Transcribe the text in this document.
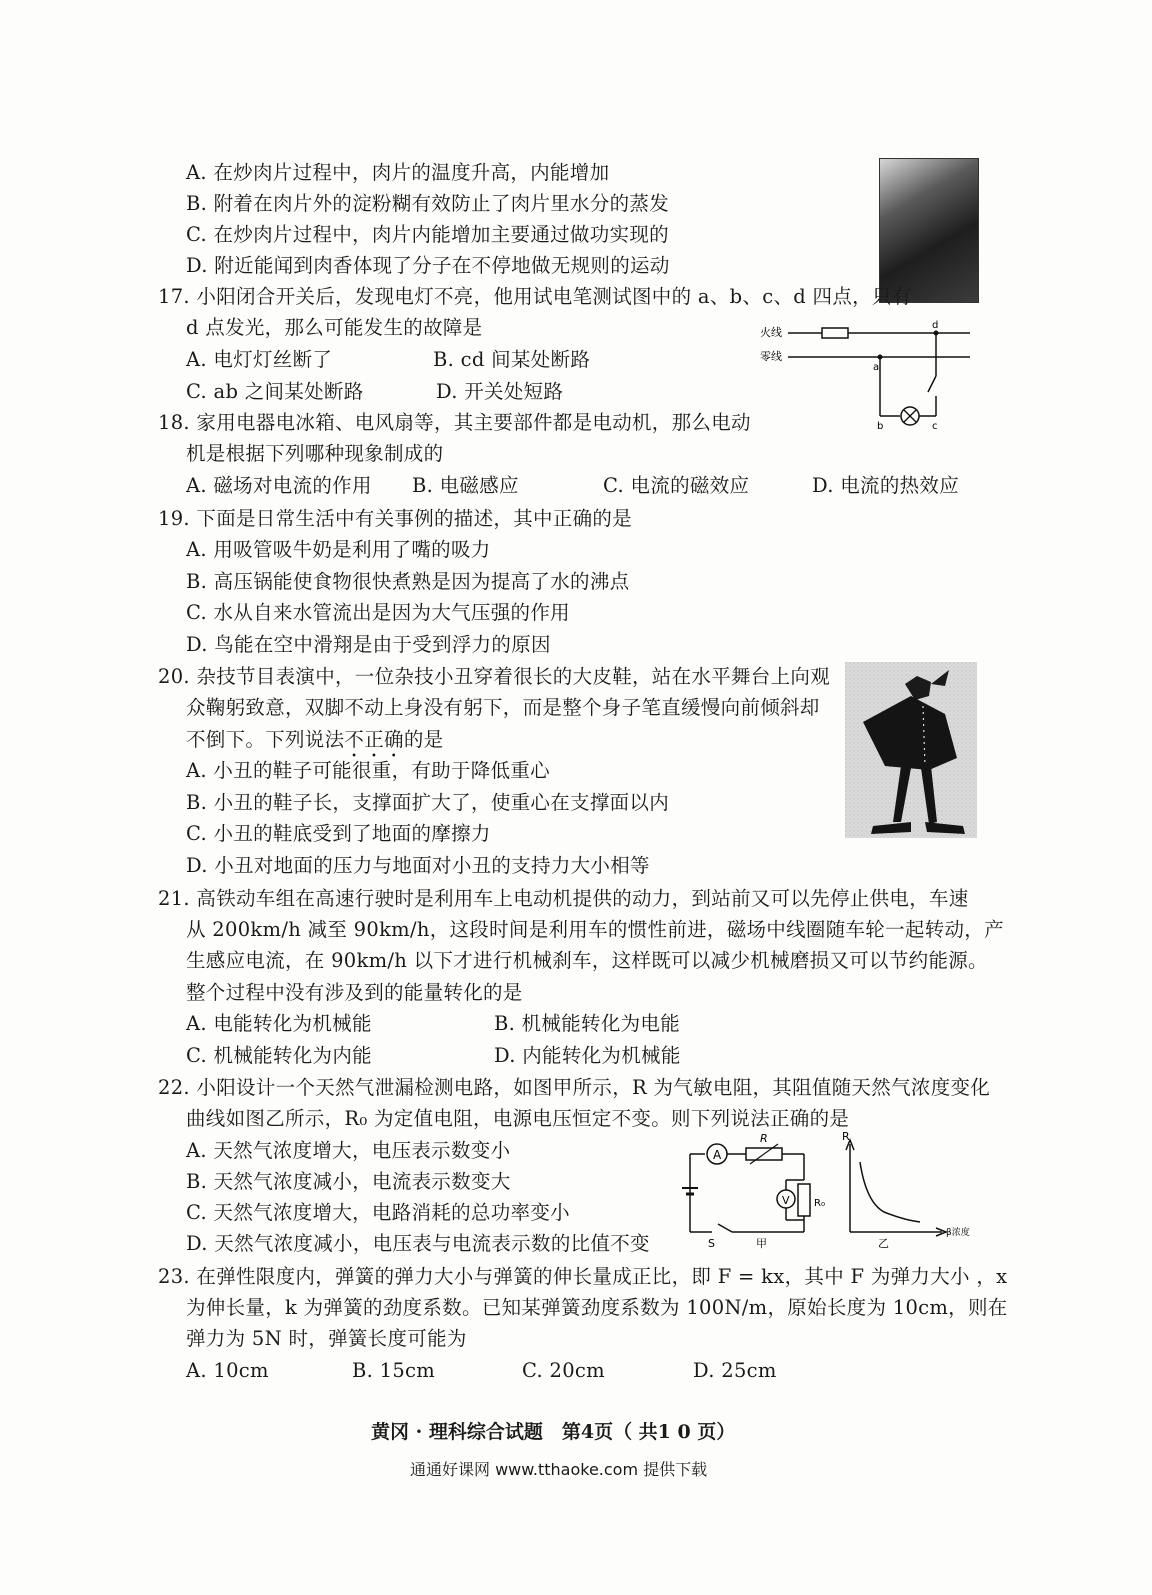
A. 在炒肉片过程中，肉片的温度升高，内能增加
B. 附着在肉片外的淀粉糊有效防止了肉片里水分的蒸发
C. 在炒肉片过程中，肉片内能增加主要通过做功实现的
D. 附近能闻到肉香体现了分子在不停地做无规则的运动
17. 小阳闭合开关后，发现电灯不亮，他用试电笔测试图中的 a、b、c、d 四点，只有
d 点发光，那么可能发生的故障是
A. 电灯灯丝断了	B. cd 间某处断路
C. ab 之间某处断路	D. 开关处短路
火线
零线
d
a
b	c
18. 家用电器电冰箱、电风扇等，其主要部件都是电动机，那么电动
机是根据下列哪种现象制成的
A. 磁场对电流的作用 B. 电磁感应	C. 电流的磁效应	D. 电流的热效应
19. 下面是日常生活中有关事例的描述，其中正确的是
A. 用吸管吸牛奶是利用了嘴的吸力
B. 高压锅能使食物很快煮熟是因为提高了水的沸点
C. 水从自来水管流出是因为大气压强的作用
D. 鸟能在空中滑翔是由于受到浮力的原因
20. 杂技节目表演中，一位杂技小丑穿着很长的大皮鞋，站在水平舞台上向观
众鞠躬致意，双脚不动上身没有躬下，而是整个身子笔直缓慢向前倾斜却
不倒下。下列说法不正确的是
A. 小丑的鞋子可能很重，有助于降低重心
B. 小丑的鞋子长，支撑面扩大了，使重心在支撑面以内
C. 小丑的鞋底受到了地面的摩擦力
D. 小丑对地面的压力与地面对小丑的支持力大小相等
21. 高铁动车组在高速行驶时是利用车上电动机提供的动力，到站前又可以先停止供电，车速
从 200km/h 减至 90km/h，这段时间是利用车的惯性前进，磁场中线圈随车轮一起转动，产
生感应电流，在 90km/h 以下才进行机械刹车，这样既可以减少机械磨损又可以节约能源。
整个过程中没有涉及到的能量转化的是
A. 电能转化为机械能	B. 机械能转化为电能
C. 机械能转化为内能	D. 内能转化为机械能
22. 小阳设计一个天然气泄漏检测电路，如图甲所示，R 为气敏电阻，其阻值随天然气浓度变化
曲线如图乙所示，R₀ 为定值电阻，电源电压恒定不变。则下列说法正确的是
A. 天然气浓度增大，电压表示数变小
B. 天然气浓度减小，电流表示数变大
C. 天然气浓度增大，电路消耗的总功率变小
D. 天然气浓度减小，电压表与电流表示数的比值不变
A
R
V R₀
S	甲
R
β浓度
乙
23. 在弹性限度内，弹簧的弹力大小与弹簧的伸长量成正比，即 F = kx，其中 F 为弹力大小 ，x
为伸长量，k 为弹簧的劲度系数。已知某弹簧劲度系数为 100N/m，原始长度为 10cm，则在
弹力为 5N 时，弹簧长度可能为
A. 10cm	B. 15cm	C. 20cm	D. 25cm
黄冈 · 理科综合试题　第4页（ 共1 0 页）
通通好课网 www.tthaoke.com 提供下载
